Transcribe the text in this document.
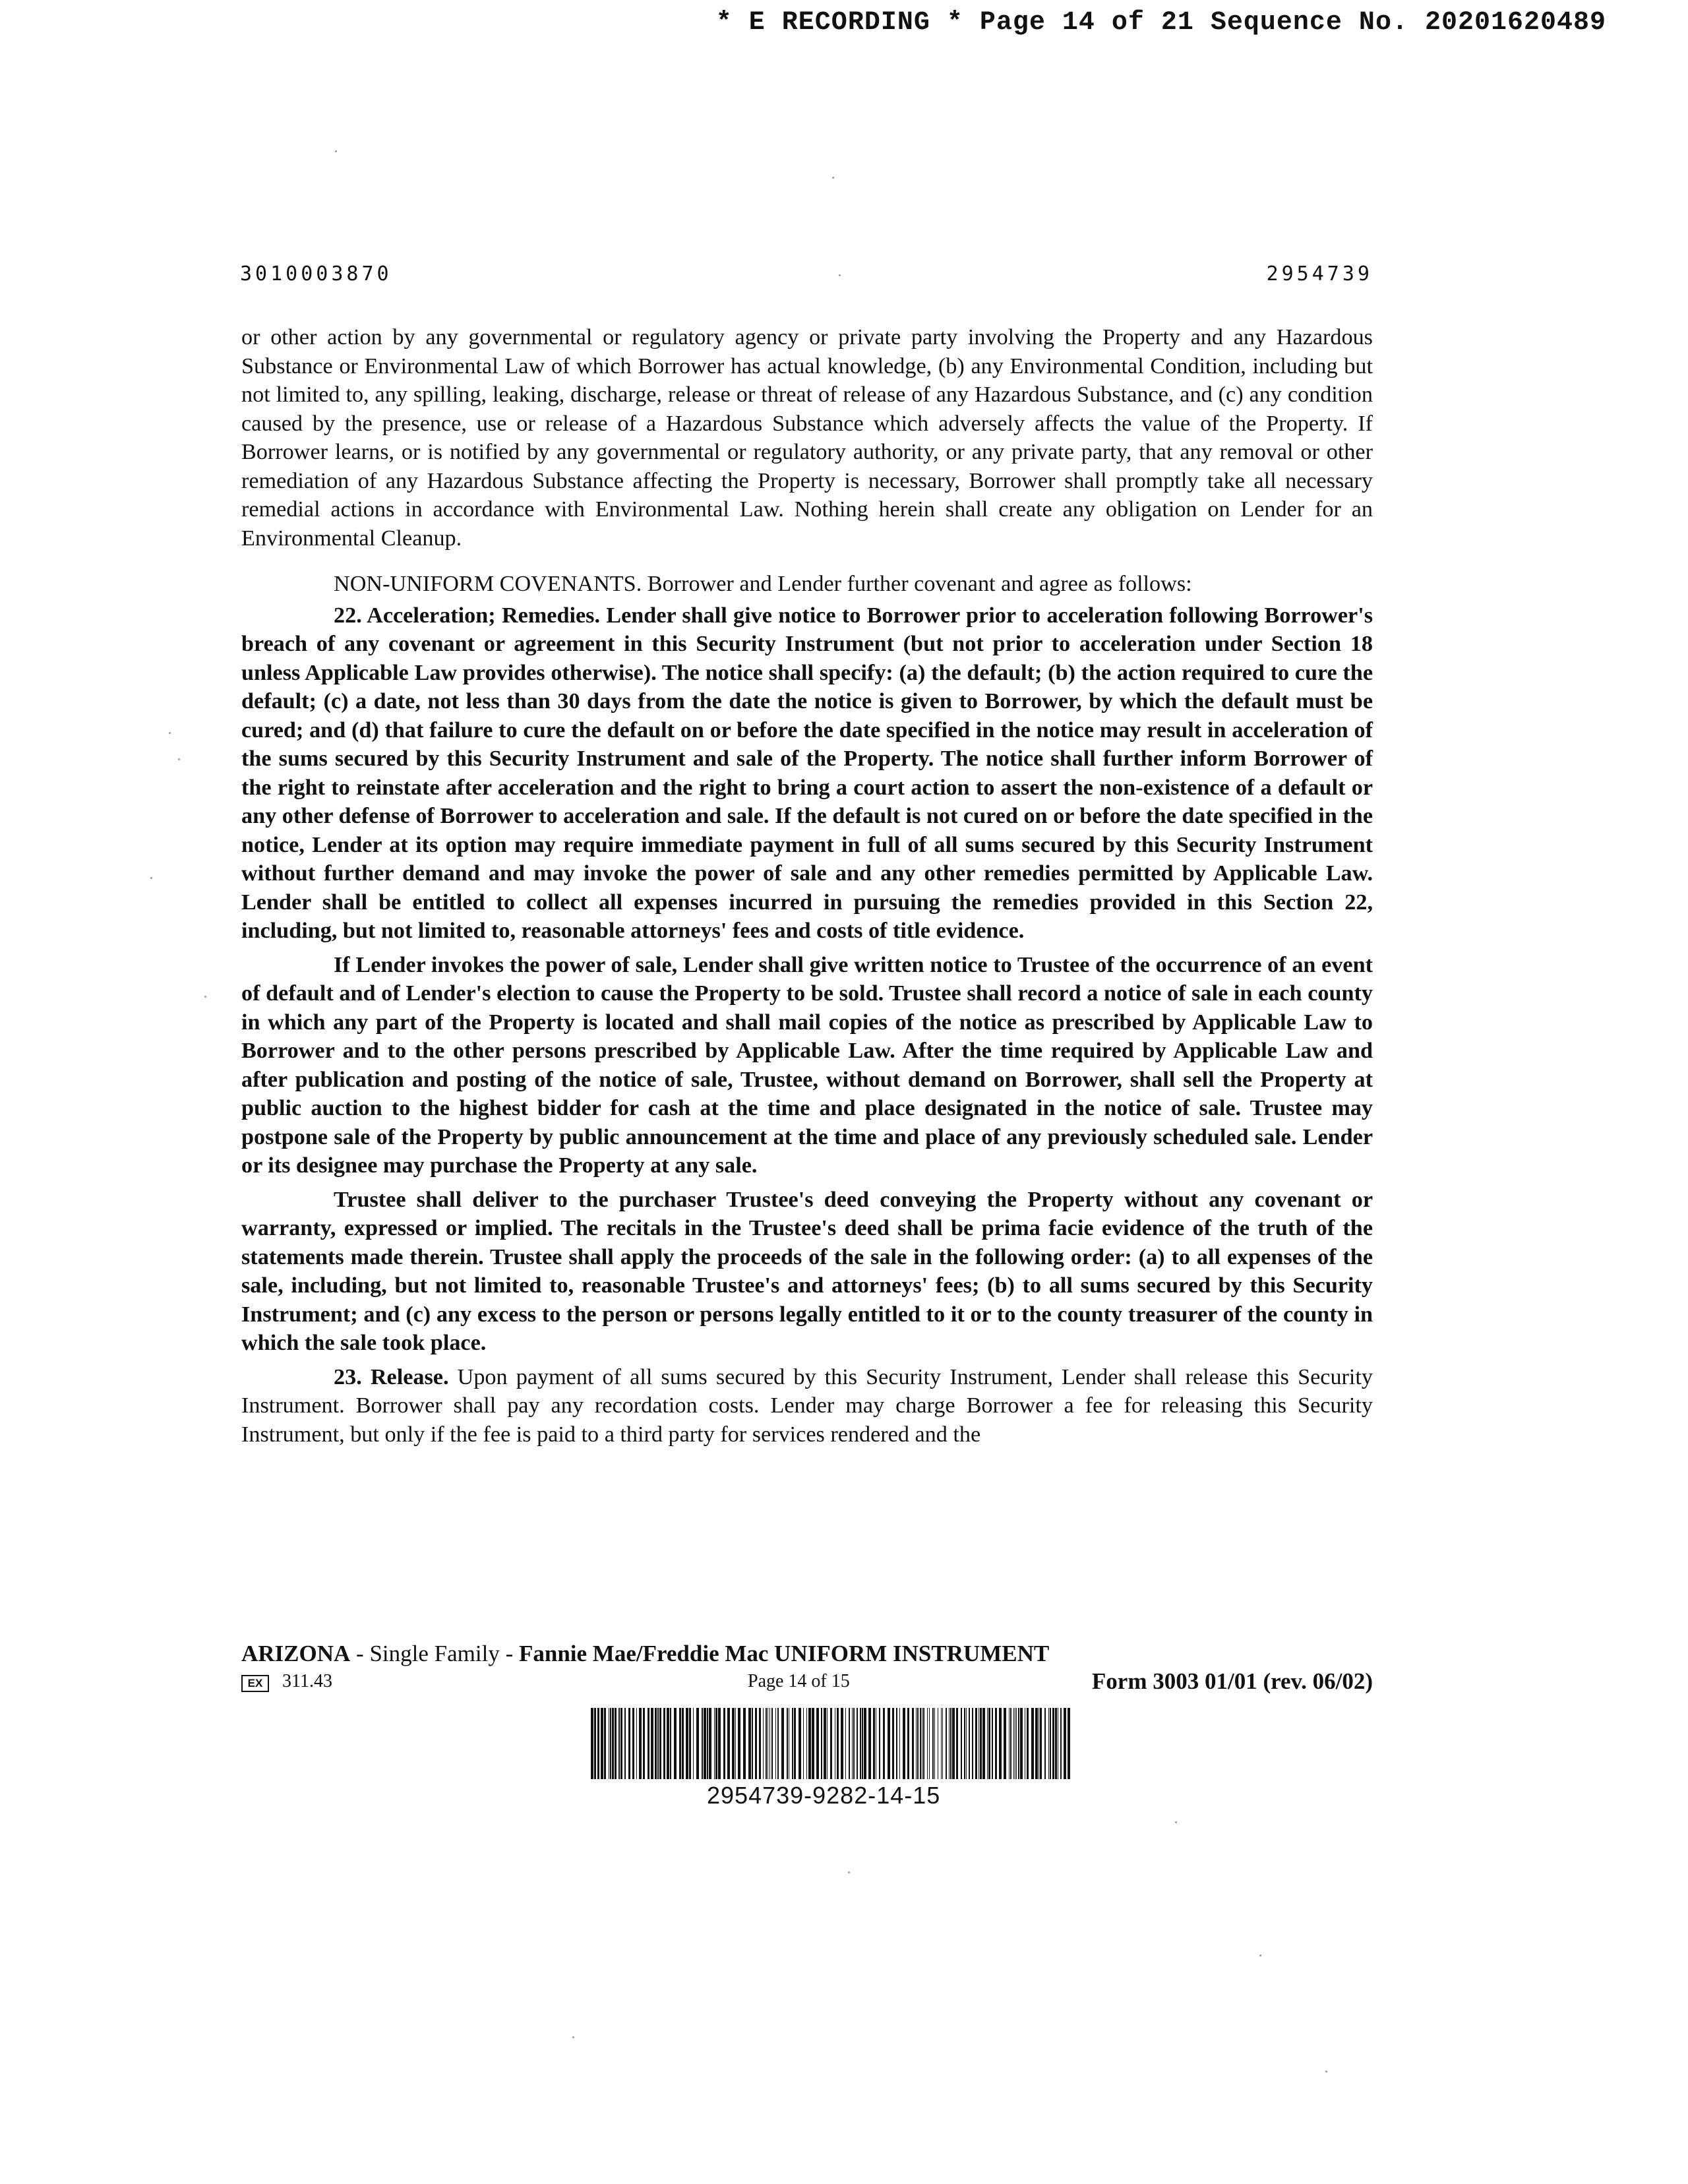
* E RECORDING * Page 14 of 21 Sequence No. 20201620489
3010003870	2954739

or other action by any governmental or regulatory agency or private party involving the Property and any Hazardous Substance or Environmental Law of which Borrower has actual knowledge, (b) any Environmental Condition, including but not limited to, any spilling, leaking, discharge, release or threat of release of any Hazardous Substance, and (c) any condition caused by the presence, use or release of a Hazardous Substance which adversely affects the value of the Property. If Borrower learns, or is notified by any governmental or regulatory authority, or any private party, that any removal or other remediation of any Hazardous Substance affecting the Property is necessary, Borrower shall promptly take all necessary remedial actions in accordance with Environmental Law. Nothing herein shall create any obligation on Lender for an Environmental Cleanup.

NON-UNIFORM COVENANTS. Borrower and Lender further covenant and agree as follows:

22. Acceleration; Remedies. Lender shall give notice to Borrower prior to acceleration following Borrower's breach of any covenant or agreement in this Security Instrument (but not prior to acceleration under Section 18 unless Applicable Law provides otherwise). The notice shall specify: (a) the default; (b) the action required to cure the default; (c) a date, not less than 30 days from the date the notice is given to Borrower, by which the default must be cured; and (d) that failure to cure the default on or before the date specified in the notice may result in acceleration of the sums secured by this Security Instrument and sale of the Property. The notice shall further inform Borrower of the right to reinstate after acceleration and the right to bring a court action to assert the non-existence of a default or any other defense of Borrower to acceleration and sale. If the default is not cured on or before the date specified in the notice, Lender at its option may require immediate payment in full of all sums secured by this Security Instrument without further demand and may invoke the power of sale and any other remedies permitted by Applicable Law. Lender shall be entitled to collect all expenses incurred in pursuing the remedies provided in this Section 22, including, but not limited to, reasonable attorneys' fees and costs of title evidence.

If Lender invokes the power of sale, Lender shall give written notice to Trustee of the occurrence of an event of default and of Lender's election to cause the Property to be sold. Trustee shall record a notice of sale in each county in which any part of the Property is located and shall mail copies of the notice as prescribed by Applicable Law to Borrower and to the other persons prescribed by Applicable Law. After the time required by Applicable Law and after publication and posting of the notice of sale, Trustee, without demand on Borrower, shall sell the Property at public auction to the highest bidder for cash at the time and place designated in the notice of sale. Trustee may postpone sale of the Property by public announcement at the time and place of any previously scheduled sale. Lender or its designee may purchase the Property at any sale.

Trustee shall deliver to the purchaser Trustee's deed conveying the Property without any covenant or warranty, expressed or implied. The recitals in the Trustee's deed shall be prima facie evidence of the truth of the statements made therein. Trustee shall apply the proceeds of the sale in the following order: (a) to all expenses of the sale, including, but not limited to, reasonable Trustee's and attorneys' fees; (b) to all sums secured by this Security Instrument; and (c) any excess to the person or persons legally entitled to it or to the county treasurer of the county in which the sale took place.

23. Release. Upon payment of all sums secured by this Security Instrument, Lender shall release this Security Instrument. Borrower shall pay any recordation costs. Lender may charge Borrower a fee for releasing this Security Instrument, but only if the fee is paid to a third party for services rendered and the

ARIZONA - Single Family - Fannie Mae/Freddie Mac UNIFORM INSTRUMENT
EX	311.43	Page 14 of 15	Form 3003 01/01 (rev. 06/02)
2954739-9282-14-15
